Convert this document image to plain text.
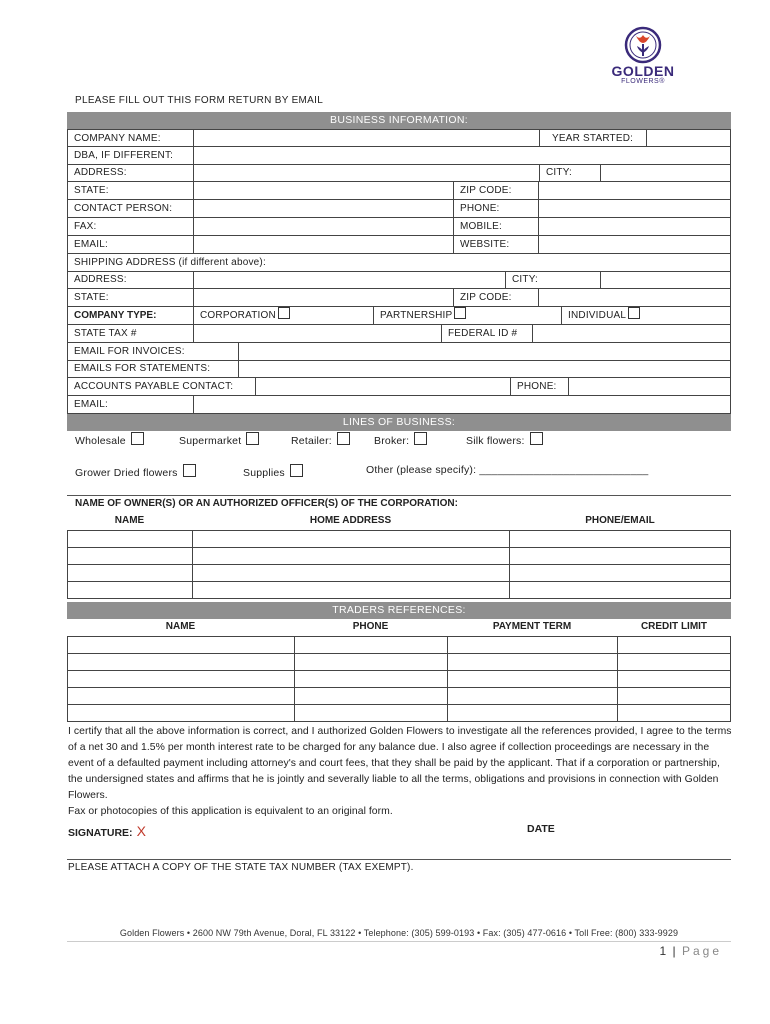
GOLDEN
FLOWERS®
PLEASE FILL OUT THIS FORM RETURN BY EMAIL
BUSINESS INFORMATION:
COMPANY NAME:	YEAR STARTED:
DBA, IF DIFFERENT:
ADDRESS:	CITY:
STATE:	ZIP CODE:
CONTACT PERSON:	PHONE:
FAX:	MOBILE:
EMAIL:	WEBSITE:
SHIPPING ADDRESS (if different above):
ADDRESS:	CITY:
STATE:	ZIP CODE:
COMPANY TYPE:	CORPORATION	PARTNERSHIP	INDIVIDUAL
STATE TAX #	FEDERAL ID #
EMAIL FOR INVOICES:
EMAILS FOR STATEMENTS:
ACCOUNTS PAYABLE CONTACT:	PHONE:
EMAIL:
LINES OF BUSINESS:
Wholesale	Supermarket	Retailer:	Broker:	Silk flowers:
Grower Dried flowers	Supplies	Other (please specify): ____________________________
NAME OF OWNER(S) OR AN AUTHORIZED OFFICER(S) OF THE CORPORATION:
NAME	HOME ADDRESS	PHONE/EMAIL

TRADERS REFERENCES:
NAME	PHONE	PAYMENT TERM	CREDIT LIMIT

I certify that all the above information is correct, and I authorized Golden Flowers to investigate all the references provided, I agree to the terms of a net 30 and 1.5% per month interest rate to be charged for any balance due. I also agree if collection proceedings are necessary in the event of a defaulted payment including attorney's and court fees, that they shall be paid by the applicant. That if a corporation or partnership, the undersigned states and affirms that he is jointly and severally liable to all the terms, obligations and provisions in connection with Golden Flowers.
Fax or photocopies of this application is equivalent to an original form.
SIGNATURE: X	DATE
PLEASE ATTACH A COPY OF THE STATE TAX NUMBER (TAX EXEMPT).
Golden Flowers • 2600 NW 79th Avenue, Doral, FL 33122 • Telephone: (305) 599-0193 • Fax: (305) 477-0616 • Toll Free: (800) 333-9929
1 | Page
